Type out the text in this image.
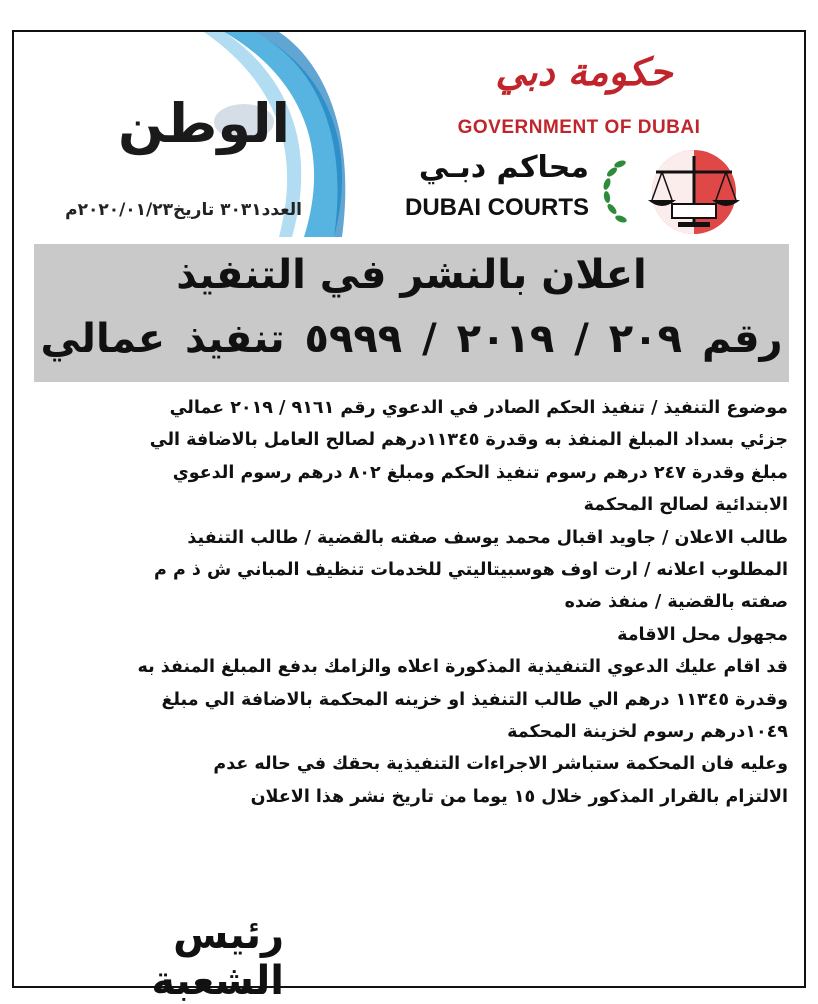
الوطن
العدد٣٠٣١ تاريخ٢٠٢٠/٠١/٢٣م
حكومة دبي
GOVERNMENT OF DUBAI
محاكم دبـي
DUBAI COURTS
اعلان بالنشر في التنفيذ
رقم ٢٠٩ / ٢٠١٩ / ٥٩٩٩ تنفيذ عمالي

موضوع التنفيذ / تنفيذ الحكم الصادر في الدعوي رقم ٩١٦١ / ٢٠١٩ عمالي

جزئي بسداد المبلغ المنفذ به وقدرة ١١٣٤٥درهم لصالح العامل بالاضافة الي

مبلغ وقدرة ٢٤٧ درهم رسوم تنفيذ الحكم ومبلغ ٨٠٢ درهم رسوم الدعوي

الابتدائية لصالح المحكمة

طالب الاعلان / جاويد اقبال محمد يوسف صفته بالقضية / طالب التنفيذ

المطلوب اعلانه / ارت اوف هوسبيتاليتي للخدمات تنظيف المباني ش ذ م م

صفته بالقضية / منفذ ضده

مجهول محل الاقامة

قد اقام عليك الدعوي التنفيذية المذكورة اعلاه والزامك بدفع المبلغ المنفذ به

وقدرة ١١٣٤٥ درهم الي طالب التنفيذ او خزينه المحكمة بالاضافة الي مبلغ

١٠٤٩درهم رسوم لخزينة المحكمة

وعليه فان المحكمة ستباشر الاجراءات التنفيذية بحقك في حاله عدم

الالتزام بالقرار المذكور خلال ١٥ يوما من تاريخ نشر هذا الاعلان

رئيس الشعبة
